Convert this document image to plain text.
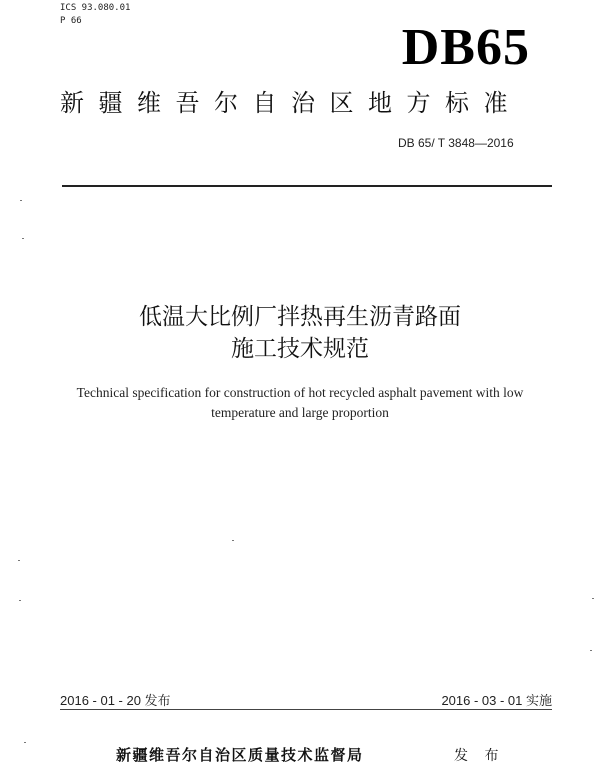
ICS 93.080.01
P 66	DB65
新疆维吾尔自治区地方标准
DB 65/ T 3848—2016
低温大比例厂拌热再生沥青路面
施工技术规范
Technical specification for construction of hot recycled asphalt pavement with low
temperature and large proportion
2016 - 01 - 20 发布	2016 - 03 - 01 实施
新疆维吾尔自治区质量技术监督局	发 布
